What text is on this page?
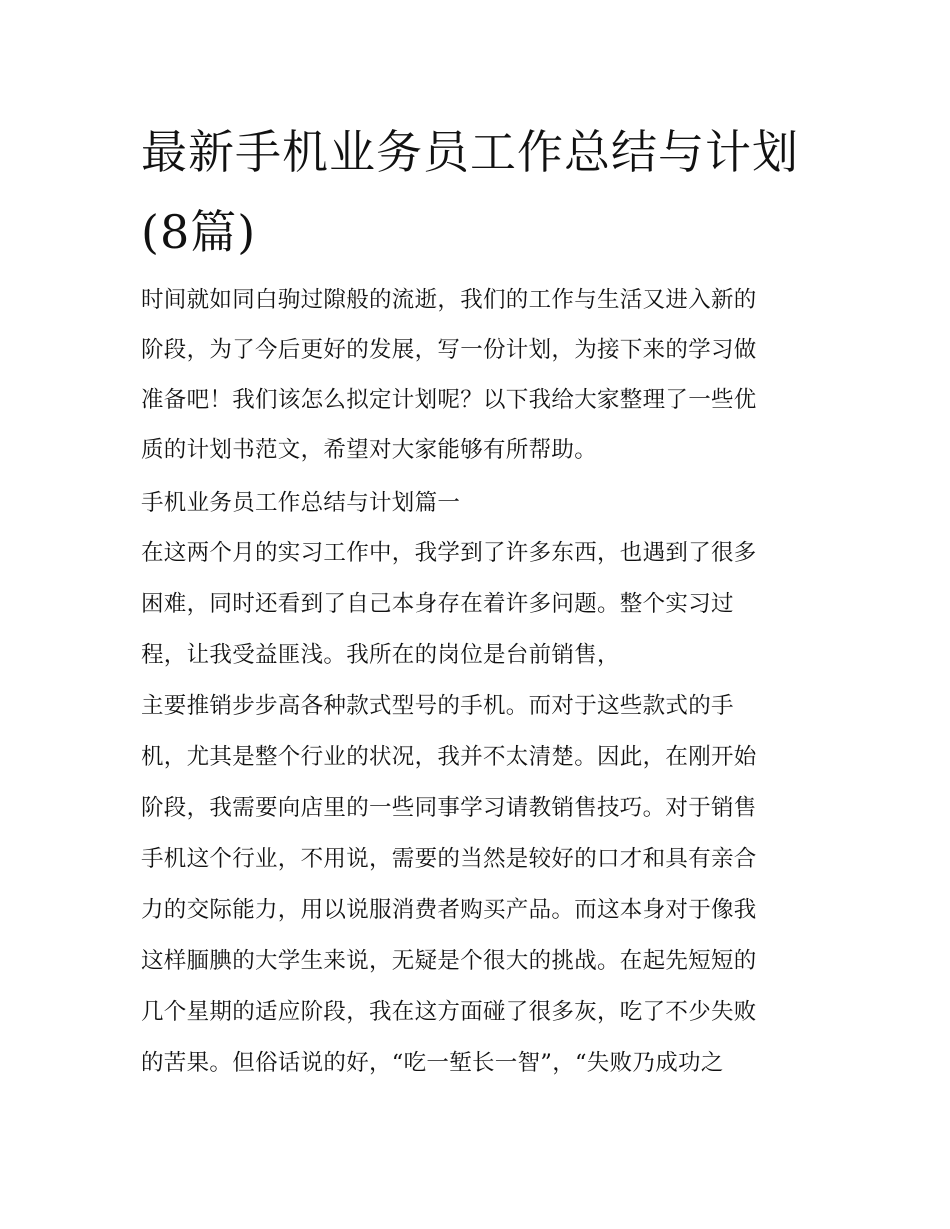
最新手机业务员工作总结与计划(8篇)

时间就如同白驹过隙般的流逝，我们的工作与生活又进入新的

阶段，为了今后更好的发展，写一份计划，为接下来的学习做

准备吧！我们该怎么拟定计划呢？以下我给大家整理了一些优

质的计划书范文，希望对大家能够有所帮助。

手机业务员工作总结与计划篇一

在这两个月的实习工作中，我学到了许多东西，也遇到了很多

困难，同时还看到了自己本身存在着许多问题。整个实习过

程，让我受益匪浅。我所在的岗位是台前销售，

主要推销步步高各种款式型号的手机。而对于这些款式的手

机，尤其是整个行业的状况，我并不太清楚。因此，在刚开始

阶段，我需要向店里的一些同事学习请教销售技巧。对于销售

手机这个行业，不用说，需要的当然是较好的口才和具有亲合

力的交际能力，用以说服消费者购买产品。而这本身对于像我

这样腼腆的大学生来说，无疑是个很大的挑战。在起先短短的

几个星期的适应阶段，我在这方面碰了很多灰，吃了不少失败

的苦果。但俗话说的好，“吃一堑长一智”，“失败乃成功之
